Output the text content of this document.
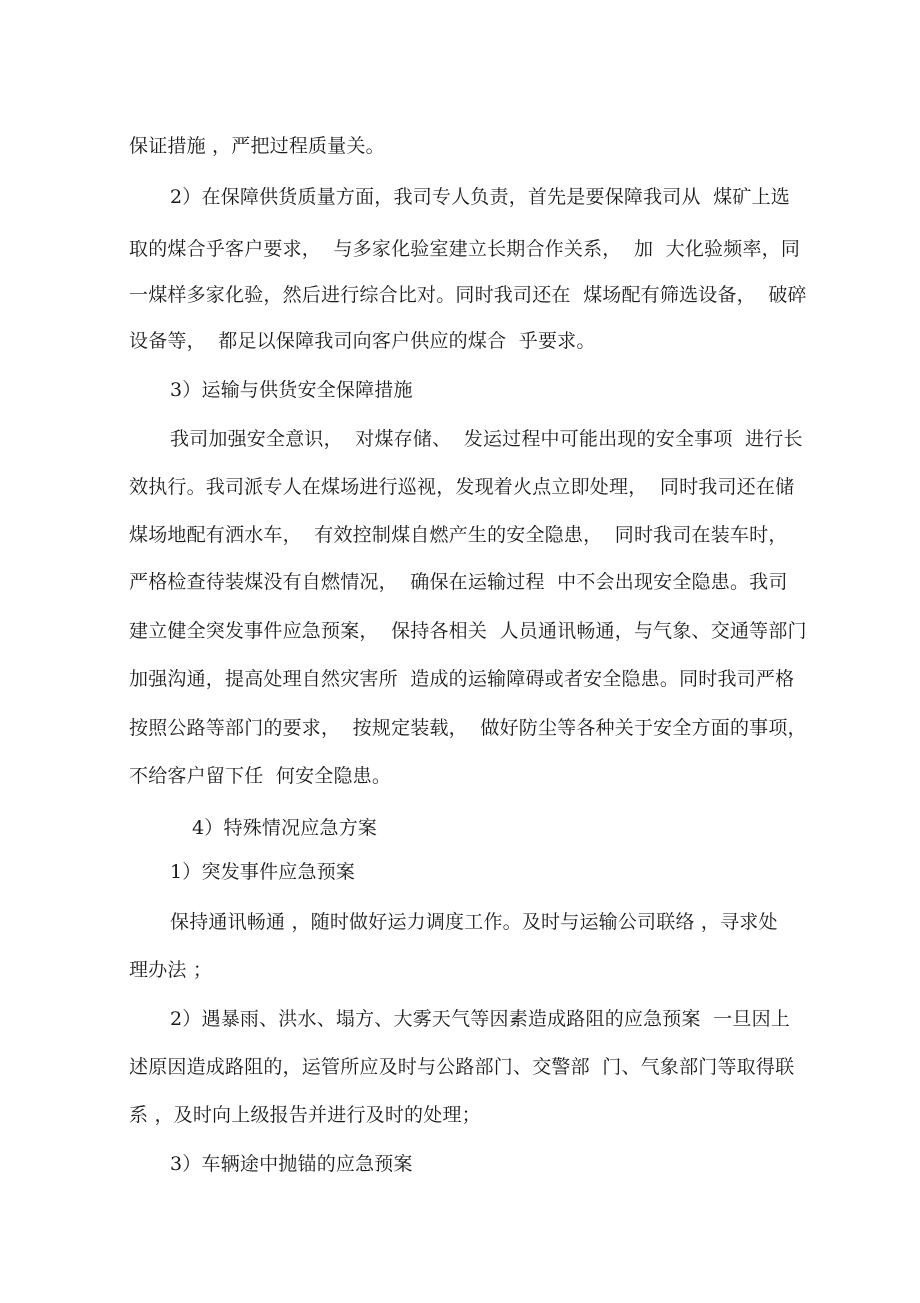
保证措施 ，严把过程质量关。
2）在保障供货质量方面，我司专人负责，首先是要保障我司从  煤矿上选
取的煤合乎客户要求，  与多家化验室建立长期合作关系，  加  大化验频率，同
一煤样多家化验，然后进行综合比对。同时我司还在  煤场配有筛选设备，  破碎
设备等，  都足以保障我司向客户供应的煤合  乎要求。
3）运输与供货安全保障措施
我司加强安全意识，  对煤存储、  发运过程中可能出现的安全事项  进行长
效执行。我司派专人在煤场进行巡视，发现着火点立即处理，  同时我司还在储
煤场地配有洒水车，  有效控制煤自燃产生的安全隐患，  同时我司在装车时，
严格检查待装煤没有自燃情况，  确保在运输过程  中不会出现安全隐患。我司
建立健全突发事件应急预案，  保持各相关  人员通讯畅通，与气象、交通等部门
加强沟通，提高处理自然灾害所  造成的运输障碍或者安全隐患。同时我司严格
按照公路等部门的要求，  按规定装载，  做好防尘等各种关于安全方面的事项，
不给客户留下任  何安全隐患。
4）特殊情况应急方案
1）突发事件应急预案
保持通讯畅通 ，随时做好运力调度工作。及时与运输公司联络 ，寻求处
理办法 ；
2）遇暴雨、洪水、塌方、大雾天气等因素造成路阻的应急预案  一旦因上
述原因造成路阻的，运管所应及时与公路部门、交警部  门、气象部门等取得联
系 ，及时向上级报告并进行及时的处理；
3）车辆途中抛锚的应急预案
